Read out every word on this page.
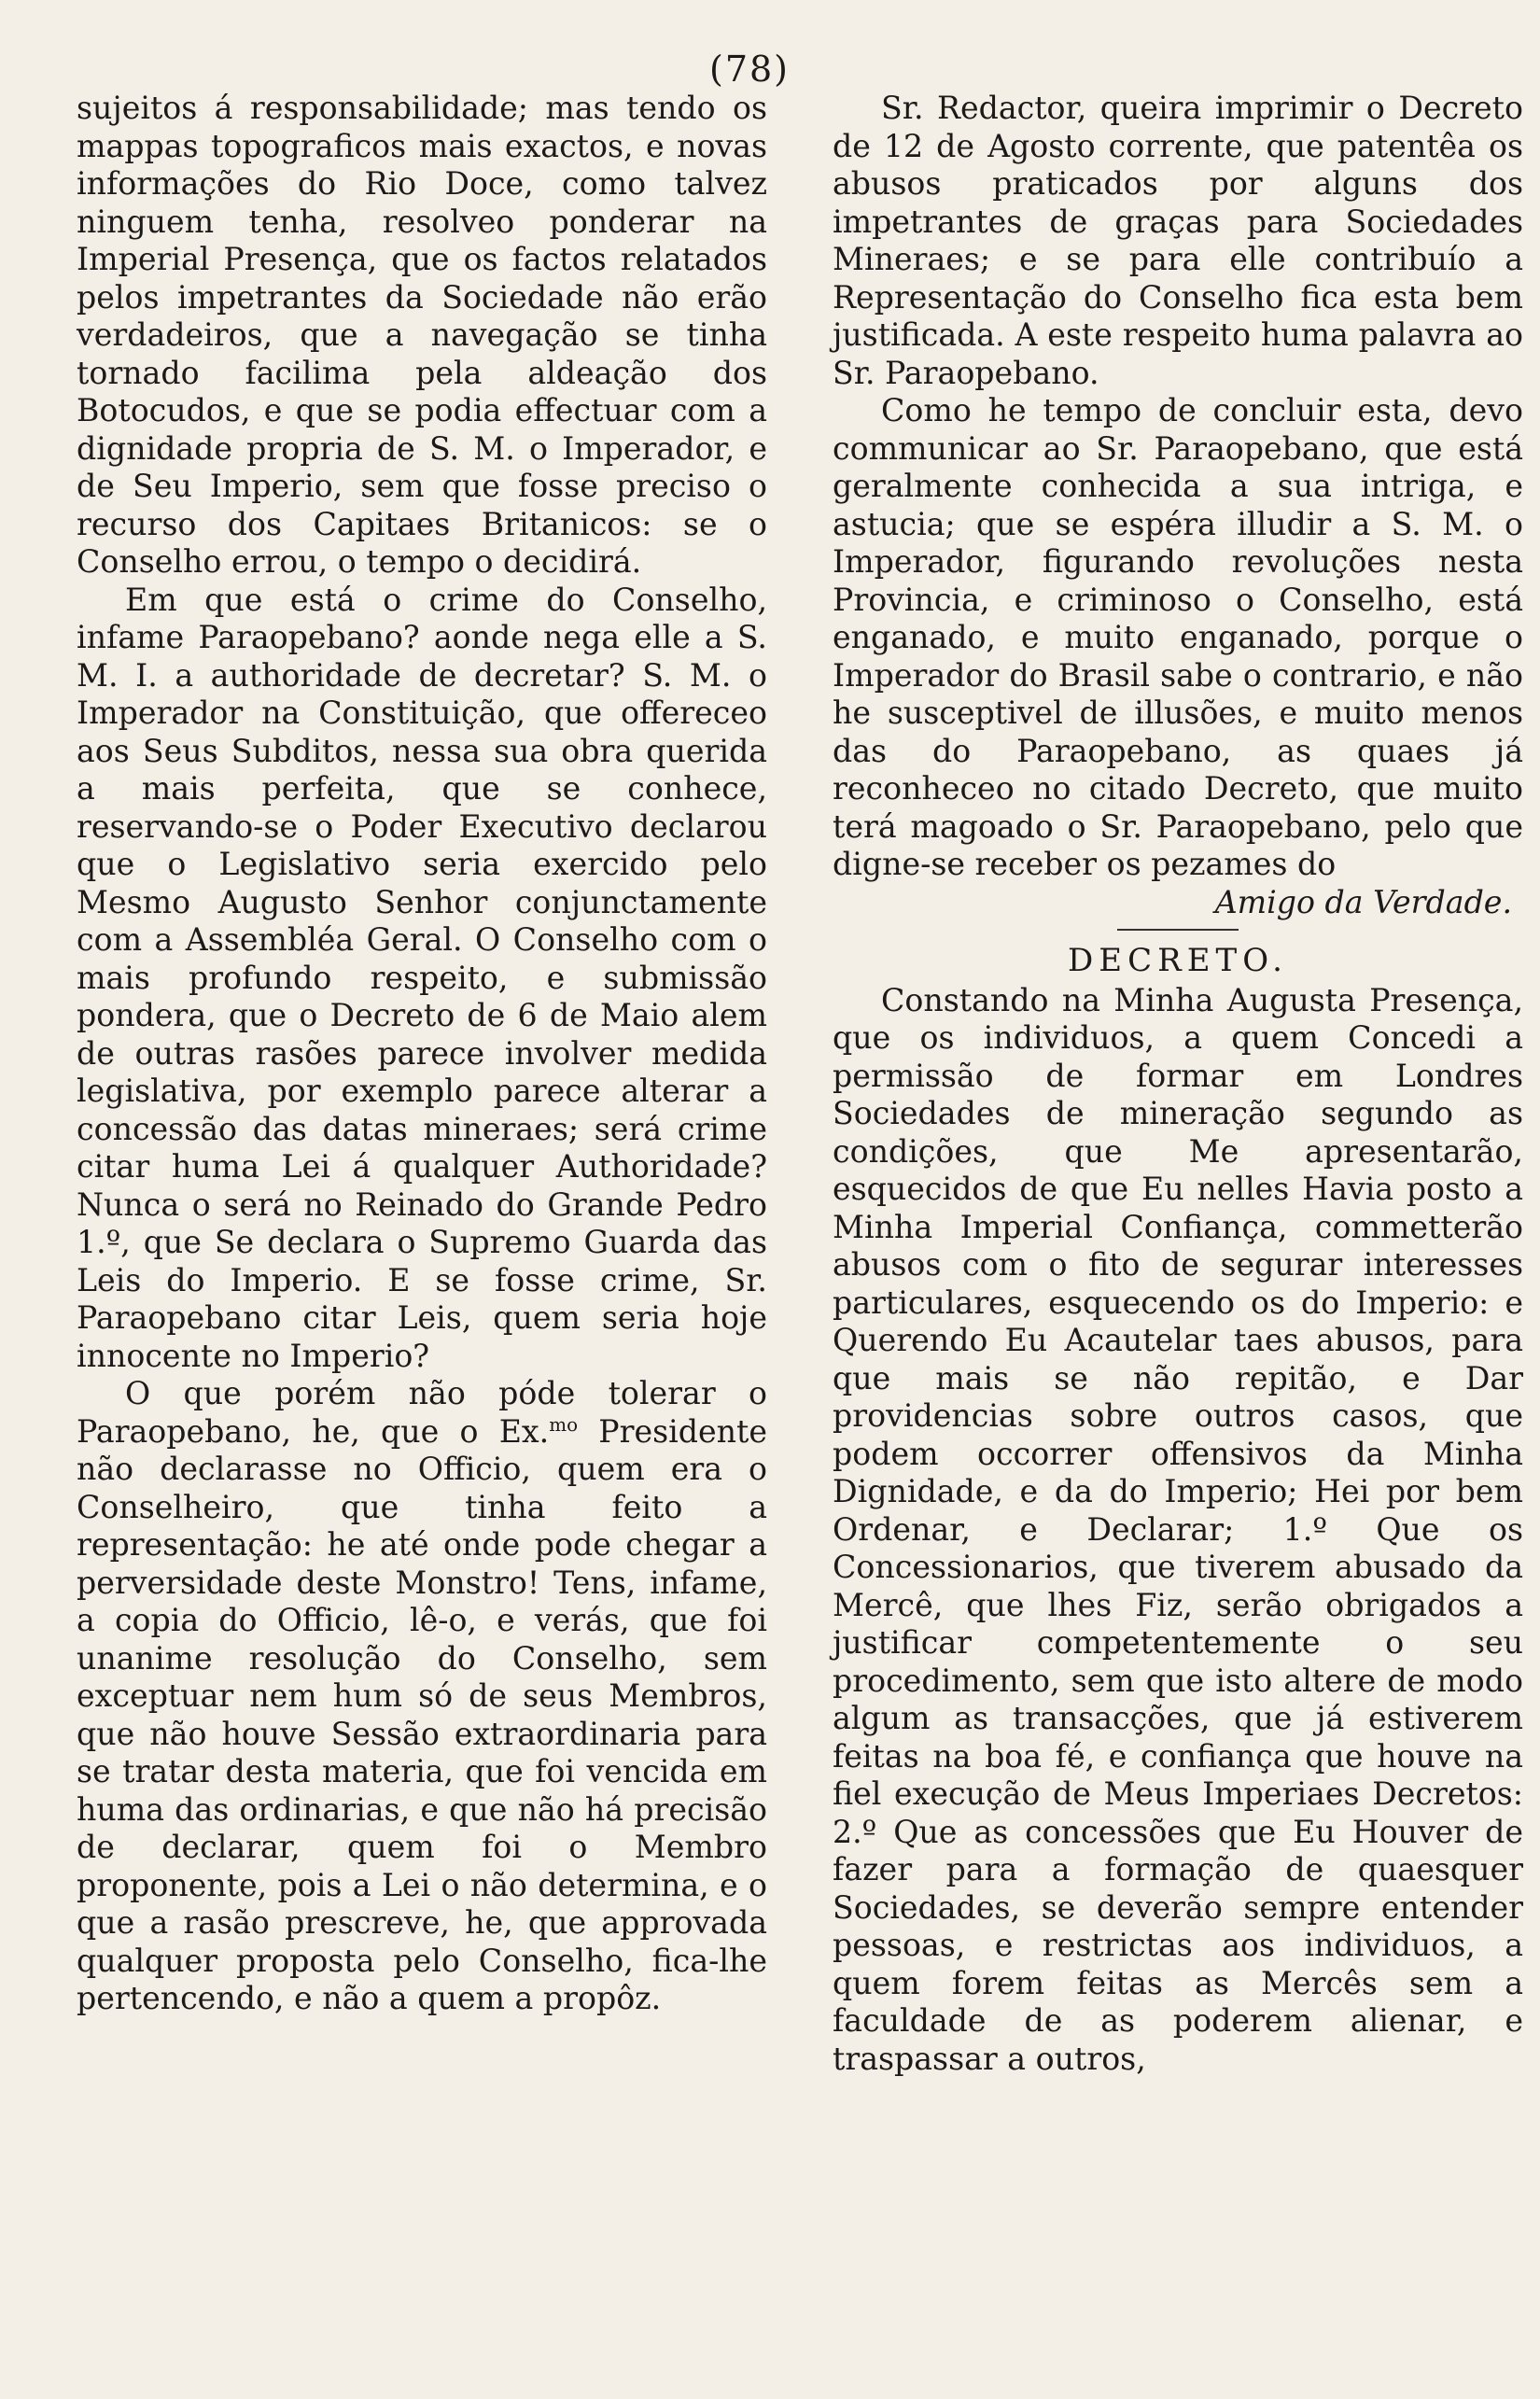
(78)

sujeitos á responsabilidade; mas tendo os mappas topograficos mais exactos, e novas informações do Rio Doce, como talvez ninguem tenha, resolveo ponderar na Imperial Presença, que os factos relatados pelos impetrantes da Sociedade não erão verdadeiros, que a navegação se tinha tornado facilima pela aldeação dos Botocudos, e que se podia effectuar com a dignidade propria de S. M. o Imperador, e de Seu Imperio, sem que fosse preciso o recurso dos Capitaes Britanicos: se o Conselho errou, o tempo o decidirá.

Em que está o crime do Conselho, infame Paraopebano? aonde nega elle a S. M. I. a authoridade de decretar? S. M. o Imperador na Constituição, que offereceo aos Seus Subditos, nessa sua obra querida a mais perfeita, que se conhece, reservando-se o Poder Executivo declarou que o Legislativo seria exercido pelo Mesmo Augusto Senhor conjunctamente com a Assembléa Geral. O Conselho com o mais profundo respeito, e submissão pondera, que o Decreto de 6 de Maio alem de outras rasões parece involver medida legislativa, por exemplo parece alterar a concessão das datas mineraes; será crime citar huma Lei á qualquer Authoridade? Nunca o será no Reinado do Grande Pedro 1.º, que Se declara o Supremo Guarda das Leis do Imperio. E se fosse crime, Sr. Paraopebano citar Leis, quem seria hoje innocente no Imperio?

O que porém não póde tolerar o Paraopebano, he, que o Ex.$^{mo}$ Presidente não declarasse no Officio, quem era o Conselheiro, que tinha feito a representação: he até onde pode chegar a perversidade deste Monstro! Tens, infame, a copia do Officio, lê-o, e verás, que foi unanime resolução do Conselho, sem exceptuar nem hum só de seus Membros, que não houve Sessão extraordinaria para se tratar desta materia, que foi vencida em huma das ordinarias, e que não há precisão de declarar, quem foi o Membro proponente, pois a Lei o não determina, e o que a rasão prescreve, he, que approvada qualquer proposta pelo Conselho, fica-lhe pertencendo, e não a quem a propôz.

Sr. Redactor, queira imprimir o Decreto de 12 de Agosto corrente, que patentêa os abusos praticados por alguns dos impetrantes de graças para Sociedades Mineraes; e se para elle contribuío a Representação do Conselho fica esta bem justificada. A este respeito huma palavra ao Sr. Paraopebano.

Como he tempo de concluir esta, devo communicar ao Sr. Paraopebano, que está geralmente conhecida a sua intriga, e astucia; que se espéra illudir a S. M. o Imperador, figurando revoluções nesta Provincia, e criminoso o Conselho, está enganado, e muito enganado, porque o Imperador do Brasil sabe o contrario, e não he susceptivel de illusões, e muito menos das do Paraopebano, as quaes já reconheceo no citado Decreto, que muito terá magoado o Sr. Paraopebano, pelo que digne-se receber os pezames do

Amigo da Verdade.

DECRETO.

Constando na Minha Augusta Presença, que os individuos, a quem Concedi a permissão de formar em Londres Sociedades de mineração segundo as condições, que Me apresentarão, esquecidos de que Eu nelles Havia posto a Minha Imperial Confiança, commetterão abusos com o fito de segurar interesses particulares, esquecendo os do Imperio: e Querendo Eu Acautelar taes abusos, para que mais se não repitão, e Dar providencias sobre outros casos, que podem occorrer offensivos da Minha Dignidade, e da do Imperio; Hei por bem Ordenar, e Declarar; 1.º Que os Concessionarios, que tiverem abusado da Mercê, que lhes Fiz, serão obrigados a justificar competentemente o seu procedimento, sem que isto altere de modo algum as transacções, que já estiverem feitas na boa fé, e confiança que houve na fiel execução de Meus Imperiaes Decretos: 2.º Que as concessões que Eu Houver de fazer para a formação de quaesquer Sociedades, se deverão sempre entender pessoas, e restrictas aos individuos, a quem forem feitas as Mercês sem a faculdade de as poderem alienar, e traspassar a outros,
